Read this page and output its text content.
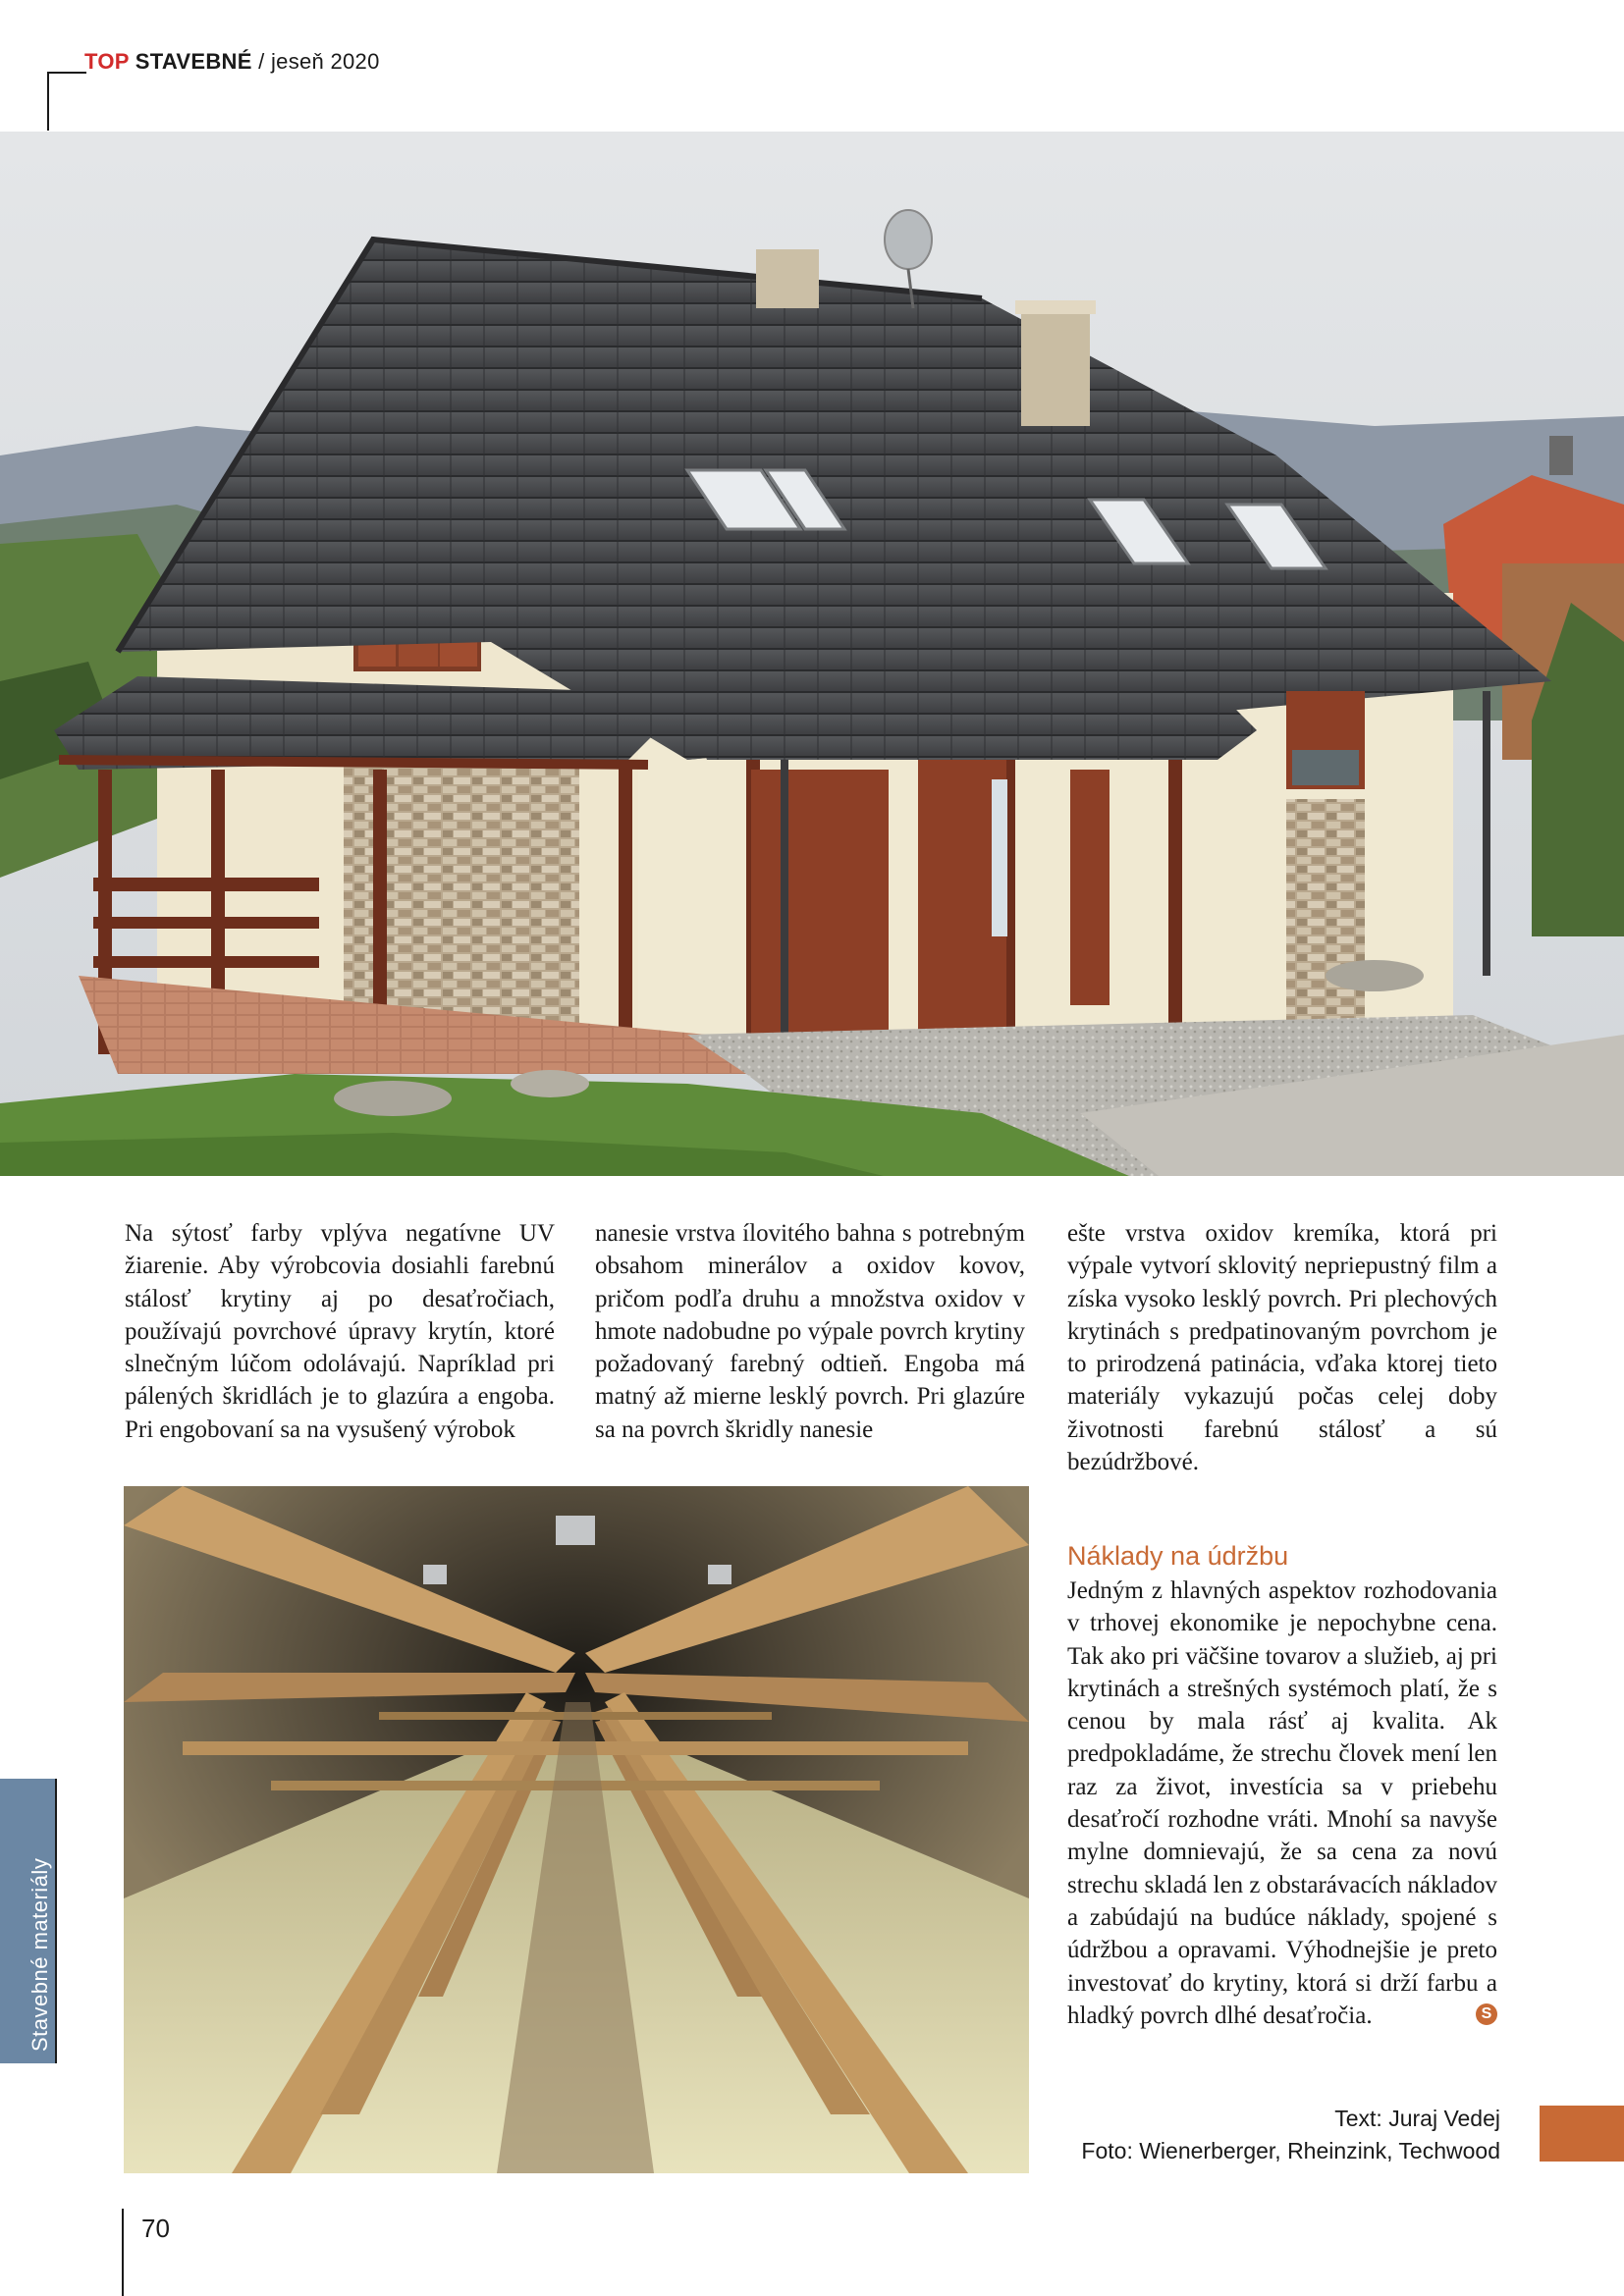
TOP STAVEBNÉ / jeseň 2020
Na sýtosť farby vplýva negatívne UV žiarenie. Aby výrobcovia dosiahli farebnú stálosť krytiny aj po desaťročiach, používajú povrchové úpravy krytín, ktoré slnečným lúčom odolávajú. Napríklad pri pálených škridlách je to glazúra a engoba. Pri engobovaní sa na vysušený výrobok
nanesie vrstva ílovitého bahna s potrebným obsahom minerálov a oxidov kovov, pričom podľa druhu a množstva oxidov v hmote nadobudne po výpale povrch krytiny požadovaný farebný odtieň. Engoba má matný až mierne lesklý povrch. Pri glazúre sa na povrch škridly nanesie
ešte vrstva oxidov kremíka, ktorá pri výpale vytvorí sklovitý nepriepustný film a získa vysoko lesklý povrch. Pri plechových krytinách s predpatinovaným povrchom je to prirodzená patinácia, vďaka ktorej tieto materiály vykazujú počas celej doby životnosti farebnú stálosť a sú bezúdržbové.
Náklady na údržbu
Jedným z hlavných aspektov rozhodovania v trhovej ekonomike je nepochybne cena. Tak ako pri väčšine tovarov a služieb, aj pri krytinách a strešných systémoch platí, že s cenou by mala rásť aj kvalita. Ak predpokladáme, že strechu človek mení len raz za život, investícia sa v priebehu desaťročí rozhodne vráti. Mnohí sa navyše mylne domnievajú, že sa cena za novú strechu skladá len z obstarávacích nákladov a zabúdajú na budúce náklady, spojené s údržbou a opravami. Výhodnejšie je preto investovať do krytiny, ktorá si drží farbu a hladký povrch dlhé desaťročia.	S
Text: Juraj Vedej
Foto: Wienerberger, Rheinzink, Techwood
Stavebné materiály
70
